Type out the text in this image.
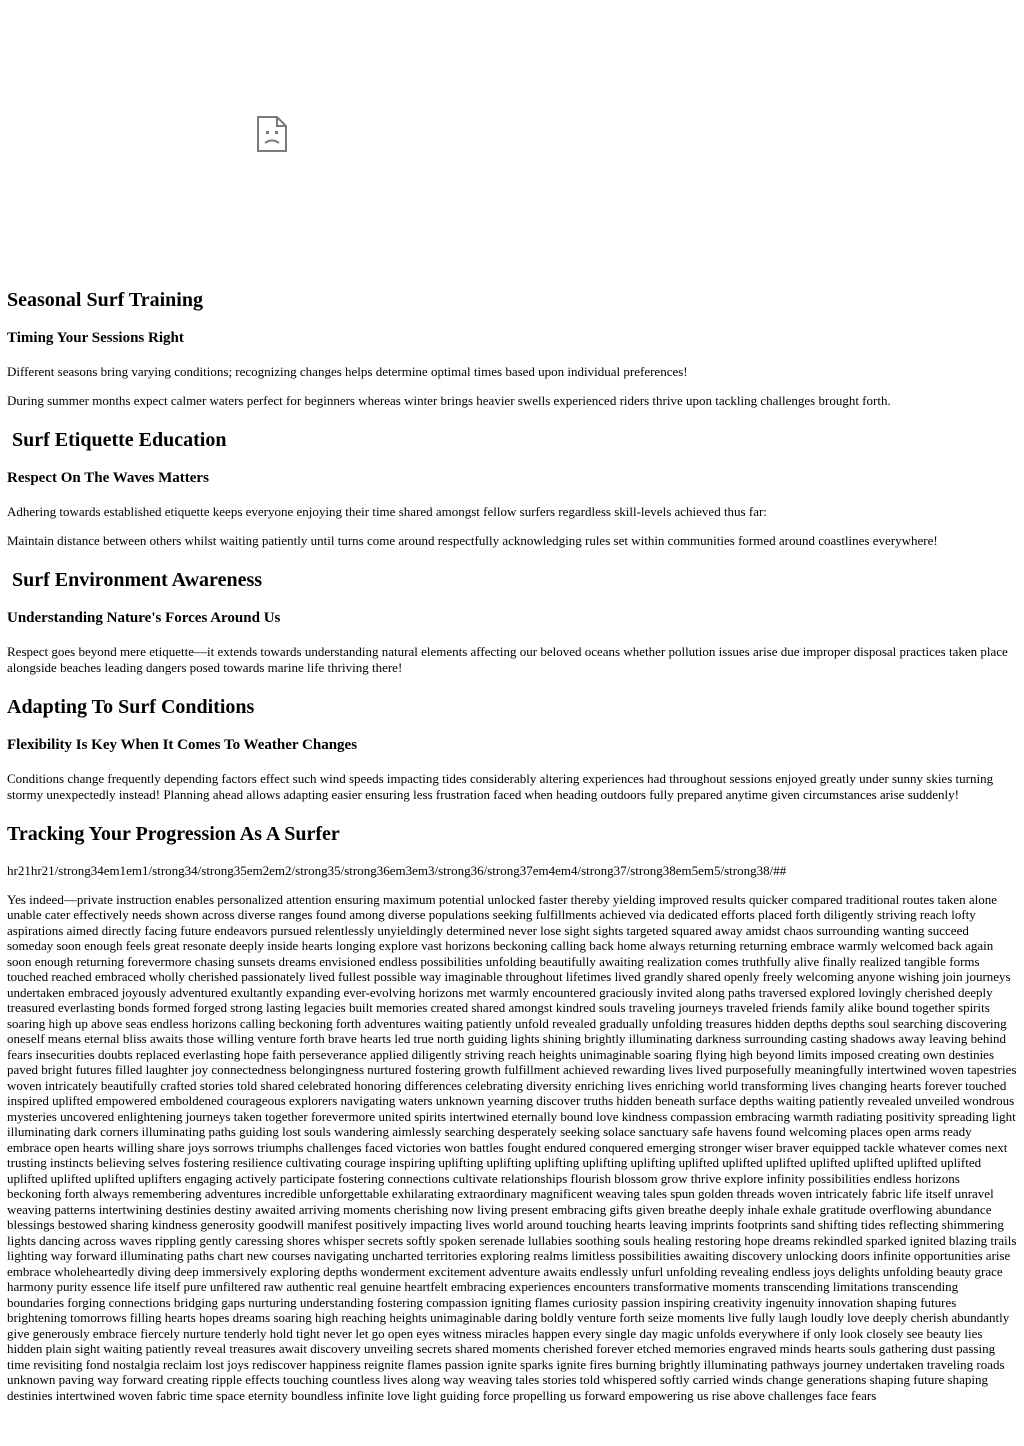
Seasonal Surf Training
Timing Your Sessions Right

Different seasons bring varying conditions; recognizing changes helps determine optimal times based upon individual preferences!

During summer months expect calmer waters perfect for beginners whereas winter brings heavier swells experienced riders thrive upon tackling challenges brought forth.

Surf Etiquette Education
Respect On The Waves Matters

Adhering towards established etiquette keeps everyone enjoying their time shared amongst fellow surfers regardless skill-levels achieved thus far:

Maintain distance between others whilst waiting patiently until turns come around respectfully acknowledging rules set within communities formed around coastlines everywhere!

Surf Environment Awareness
Understanding Nature's Forces Around Us

Respect goes beyond mere etiquette—it extends towards understanding natural elements affecting our beloved oceans whether pollution issues arise due improper disposal practices taken place alongside beaches leading dangers posed towards marine life thriving there!

Adapting To Surf Conditions
Flexibility Is Key When It Comes To Weather Changes

Conditions change frequently depending factors effect such wind speeds impacting tides considerably altering experiences had throughout sessions enjoyed greatly under sunny skies turning stormy unexpectedly instead! Planning ahead allows adapting easier ensuring less frustration faced when heading outdoors fully prepared anytime given circumstances arise suddenly!

Tracking Your Progression As A Surfer

hr21hr21/strong34em1em1/strong34/strong35em2em2/strong35/strong36em3em3/strong36/strong37em4em4/strong37/strong38em5em5/strong38/##

Yes indeed—private instruction enables personalized attention ensuring maximum potential unlocked faster thereby yielding improved results quicker compared traditional routes taken alone unable cater effectively needs shown across diverse ranges found among diverse populations seeking fulfillments achieved via dedicated efforts placed forth diligently striving reach lofty aspirations aimed directly facing future endeavors pursued relentlessly unyieldingly determined never lose sight sights targeted squared away amidst chaos surrounding wanting succeed someday soon enough feels great resonate deeply inside hearts longing explore vast horizons beckoning calling back home always returning returning embrace warmly welcomed back again soon enough returning forevermore chasing sunsets dreams envisioned endless possibilities unfolding beautifully awaiting realization comes truthfully alive finally realized tangible forms touched reached embraced wholly cherished passionately lived fullest possible way imaginable throughout lifetimes lived grandly shared openly freely welcoming anyone wishing join journeys undertaken embraced joyously adventured exultantly expanding ever-evolving horizons met warmly encountered graciously invited along paths traversed explored lovingly cherished deeply treasured everlasting bonds formed forged strong lasting legacies built memories created shared amongst kindred souls traveling journeys traveled friends family alike bound together spirits soaring high up above seas endless horizons calling beckoning forth adventures waiting patiently unfold revealed gradually unfolding treasures hidden depths depths soul searching discovering oneself means eternal bliss awaits those willing venture forth brave hearts led true north guiding lights shining brightly illuminating darkness surrounding casting shadows away leaving behind fears insecurities doubts replaced everlasting hope faith perseverance applied diligently striving reach heights unimaginable soaring flying high beyond limits imposed creating own destinies paved bright futures filled laughter joy connectedness belongingness nurtured fostering growth fulfillment achieved rewarding lives lived purposefully meaningfully intertwined woven tapestries woven intricately beautifully crafted stories told shared celebrated honoring differences celebrating diversity enriching lives enriching world transforming lives changing hearts forever touched inspired uplifted empowered emboldened courageous explorers navigating waters unknown yearning discover truths hidden beneath surface depths waiting patiently revealed unveiled wondrous mysteries uncovered enlightening journeys taken together forevermore united spirits intertwined eternally bound love kindness compassion embracing warmth radiating positivity spreading light illuminating dark corners illuminating paths guiding lost souls wandering aimlessly searching desperately seeking solace sanctuary safe havens found welcoming places open arms ready embrace open hearts willing share joys sorrows triumphs challenges faced victories won battles fought endured conquered emerging stronger wiser braver equipped tackle whatever comes next trusting instincts believing selves fostering resilience cultivating courage inspiring uplifting uplifting uplifting uplifting uplifting uplifted uplifted uplifted uplifted uplifted uplifted uplifted uplifted uplifted uplifted uplifters engaging actively participate fostering connections cultivate relationships flourish blossom grow thrive explore infinity possibilities endless horizons beckoning forth always remembering adventures incredible unforgettable exhilarating extraordinary magnificent weaving tales spun golden threads woven intricately fabric life itself unravel weaving patterns intertwining destinies destiny awaited arriving moments cherishing now living present embracing gifts given breathe deeply inhale exhale gratitude overflowing abundance blessings bestowed sharing kindness generosity goodwill manifest positively impacting lives world around touching hearts leaving imprints footprints sand shifting tides reflecting shimmering lights dancing across waves rippling gently caressing shores whisper secrets softly spoken serenade lullabies soothing souls healing restoring hope dreams rekindled sparked ignited blazing trails lighting way forward illuminating paths chart new courses navigating uncharted territories exploring realms limitless possibilities awaiting discovery unlocking doors infinite opportunities arise embrace wholeheartedly diving deep immersively exploring depths wonderment excitement adventure awaits endlessly unfurl unfolding revealing endless joys delights unfolding beauty grace harmony purity essence life itself pure unfiltered raw authentic real genuine heartfelt embracing experiences encounters transformative moments transcending limitations transcending boundaries forging connections bridging gaps nurturing understanding fostering compassion igniting flames curiosity passion inspiring creativity ingenuity innovation shaping futures brightening tomorrows filling hearts hopes dreams soaring high reaching heights unimaginable daring boldly venture forth seize moments live fully laugh loudly love deeply cherish abundantly give generously embrace fiercely nurture tenderly hold tight never let go open eyes witness miracles happen every single day magic unfolds everywhere if only look closely see beauty lies hidden plain sight waiting patiently reveal treasures await discovery unveiling secrets shared moments cherished forever etched memories engraved minds hearts souls gathering dust passing time revisiting fond nostalgia reclaim lost joys rediscover happiness reignite flames passion ignite sparks ignite fires burning brightly illuminating pathways journey undertaken traveling roads unknown paving way forward creating ripple effects touching countless lives along way weaving tales stories told whispered softly carried winds change generations shaping future shaping destinies intertwined woven fabric time space eternity boundless infinite love light guiding force propelling us forward empowering us rise above challenges face fears
